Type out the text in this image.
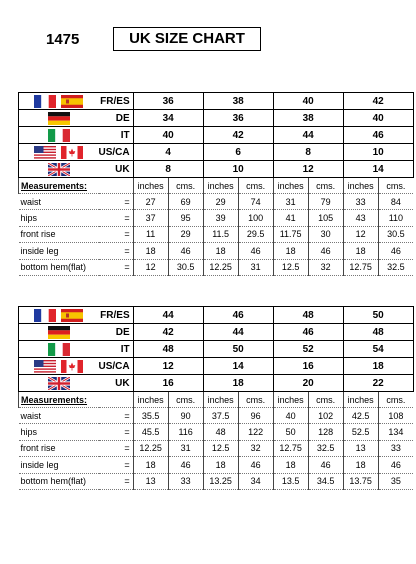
1475	UK SIZE CHART
	FR/ES	36		38		40		42	

	DE	34		36		38		40	

	IT	40		42		44		46	

	US/CA	4		6		8		10	

	UK	8		10		12		14	
Measurements:		inches	cms.	inches	cms.	inches	cms.	inches	cms.
waist	=	27	69	29	74	31	79	33	84
hips	=	37	95	39	100	41	105	43	110
front rise	=	11	29	11.5	29.5	11.75	30	12	30.5
inside leg	=	18	46	18	46	18	46	18	46
bottom hem(flat)	=	12	30.5	12.25	31	12.5	32	12.75	32.5
	FR/ES	44		46		48		50	

	DE	42		44		46		48	

	IT	48		50		52		54	

	US/CA	12		14		16		18	

	UK	16		18		20		22	
Measurements:		inches	cms.	inches	cms.	inches	cms.	inches	cms.
waist	=	35.5	90	37.5	96	40	102	42.5	108
hips	=	45.5	116	48	122	50	128	52.5	134
front rise	=	12.25	31	12.5	32	12.75	32.5	13	33
inside leg	=	18	46	18	46	18	46	18	46
bottom hem(flat)	=	13	33	13.25	34	13.5	34.5	13.75	35
